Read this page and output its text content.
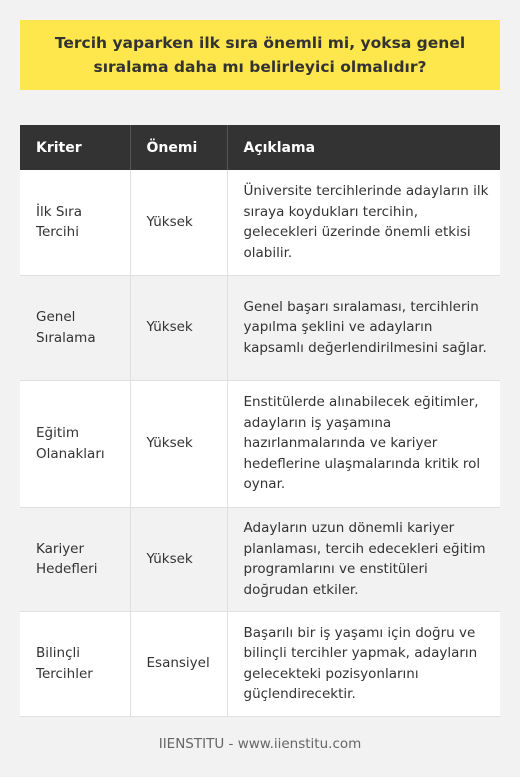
Tercih yaparken ilk sıra önemli mi, yoksa genel sıralama daha mı belirleyici olmalıdır?
Kriter	Önemi	Açıklama
İlk Sıra Tercihi	Yüksek	Üniversite tercihlerinde adayların ilk sıraya koydukları tercihin, gelecekleri üzerinde önemli etkisi olabilir.
Genel Sıralama	Yüksek	Genel başarı sıralaması, tercihlerin yapılma şeklini ve adayların kapsamlı değerlendirilmesini sağlar.
Eğitim Olanakları	Yüksek	Enstitülerde alınabilecek eğitimler, adayların iş yaşamına hazırlanmalarında ve kariyer hedeflerine ulaşmalarında kritik rol oynar.
Kariyer Hedefleri	Yüksek	Adayların uzun dönemli kariyer planlaması, tercih edecekleri eğitim programlarını ve enstitüleri doğrudan etkiler.
Bilinçli Tercihler	Esansiyel	Başarılı bir iş yaşamı için doğru ve bilinçli tercihler yapmak, adayların gelecekteki pozisyonlarını güçlendirecektir.
IIENSTITU - www.iienstitu.com
